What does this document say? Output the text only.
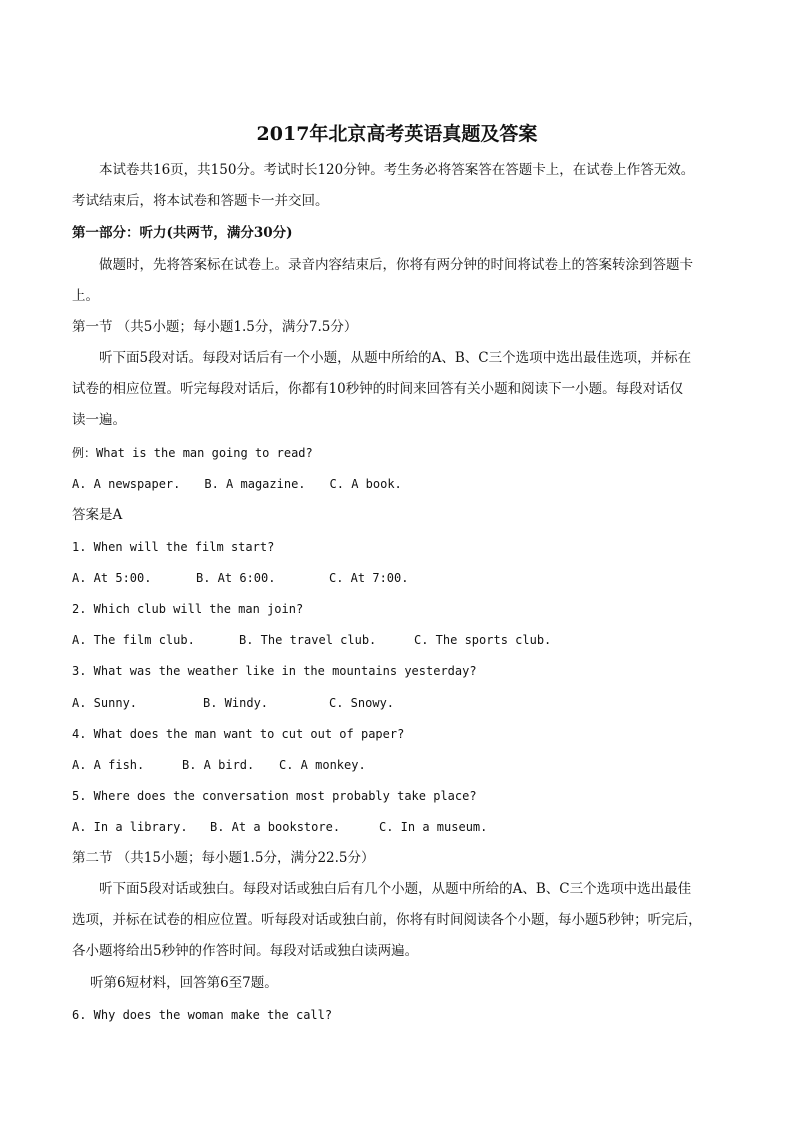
2017年北京高考英语真题及答案
本试卷共16页，共150分。考试时长120分钟。考生务必将答案答在答题卡上，在试卷上作答无效。
考试结束后，将本试卷和答题卡一并交回。
第一部分：听力(共两节，满分30分)
做题时，先将答案标在试卷上。录音内容结束后，你将有两分钟的时间将试卷上的答案转涂到答题卡
上。
第一节 （共5小题；每小题1.5分，满分7.5分）
听下面5段对话。每段对话后有一个小题，从题中所给的A、B、C三个选项中选出最佳选项，并标在
试卷的相应位置。听完每段对话后，你都有10秒钟的时间来回答有关小题和阅读下一小题。每段对话仅
读一遍。
例：What is the man going to read?
A. A newspaper. B. A magazine. C. A book.
答案是A
1. When will the film start?
A. At 5:00.	B. At 6:00.	C. At 7:00.
2. Which club will the man join?
A. The film club.	B. The travel club.	C. The sports club.
3. What was the weather like in the mountains yesterday?
A. Sunny.	B. Windy.	C. Snowy.
4. What does the man want to cut out of paper?
A. A fish.	B. A bird. C. A monkey.
5. Where does the conversation most probably take place?
A. In a library. B. At a bookstore.	C. In a museum.
第二节 （共15小题；每小题1.5分，满分22.5分）
听下面5段对话或独白。每段对话或独白后有几个小题，从题中所给的A、B、C三个选项中选出最佳
选项，并标在试卷的相应位置。听每段对话或独白前，你将有时间阅读各个小题，每小题5秒钟；听完后，
各小题将给出5秒钟的作答时间。每段对话或独白读两遍。
听第6短材料，回答第6至7题。
6. Why does the woman make the call?
